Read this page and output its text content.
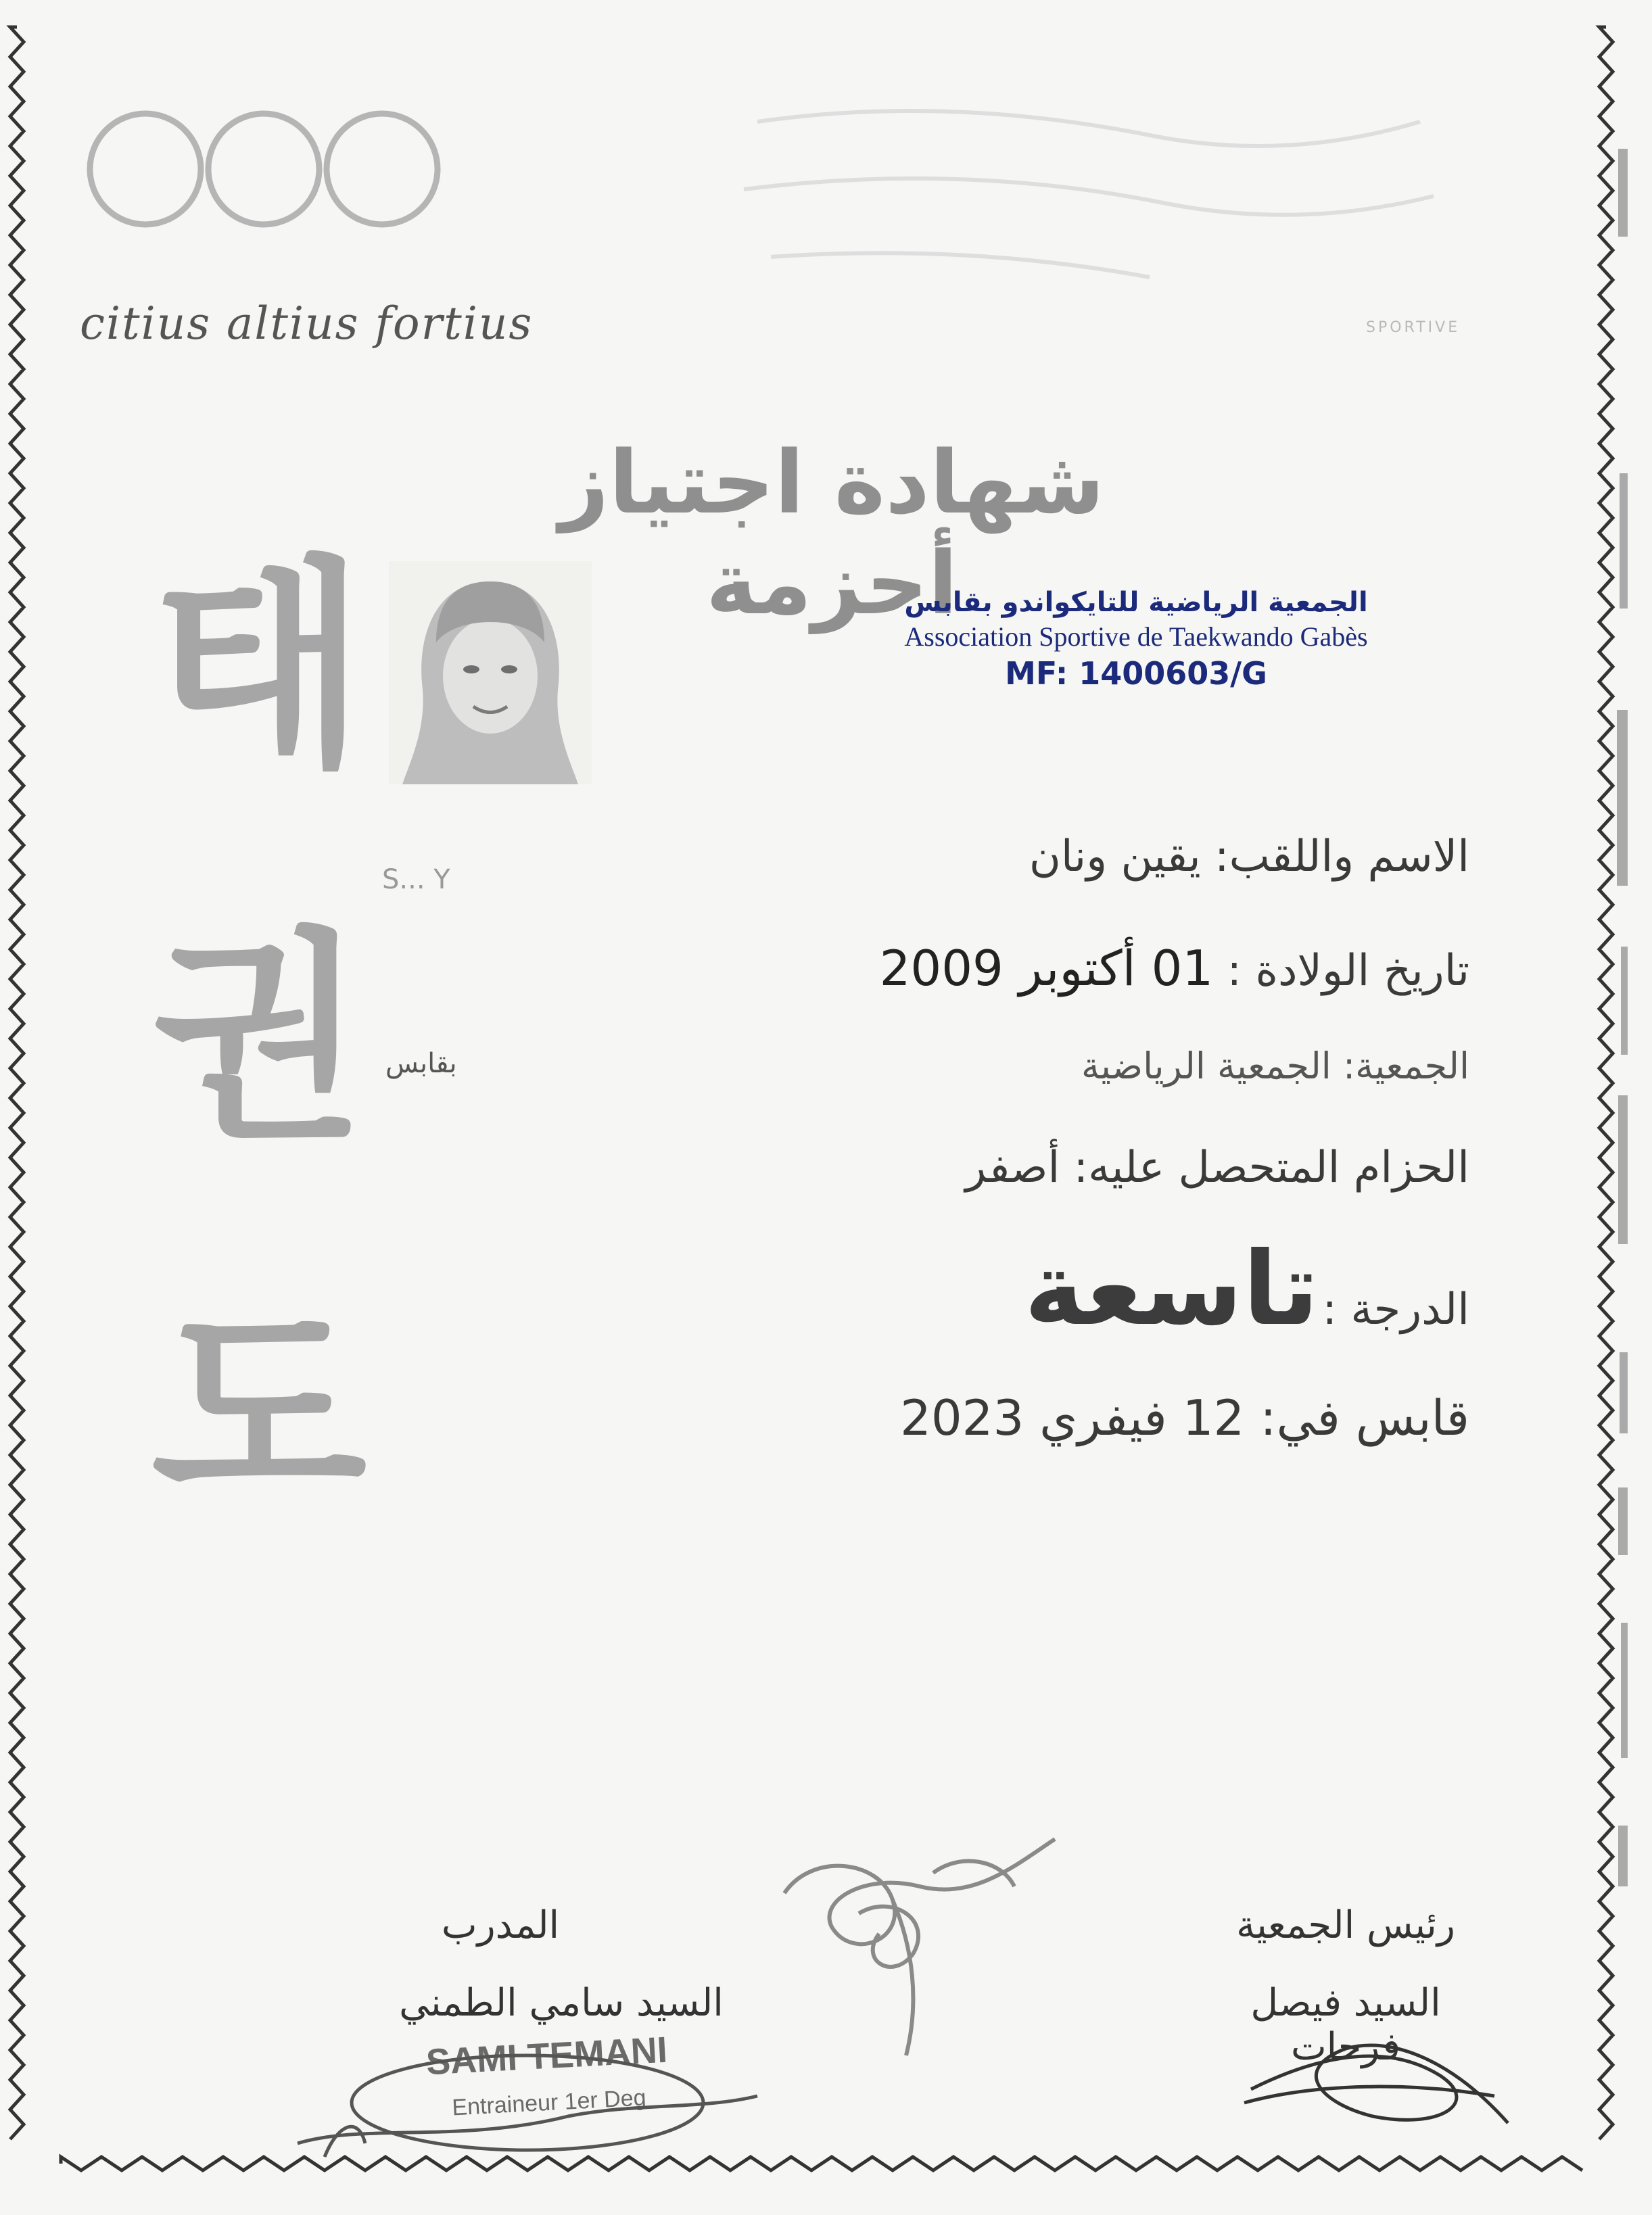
citius altius fortius	SPORTIVE
شهادة اجتياز أحزمة
태권도	الجمعية الرياضية للتايكواندو بقابس
Association Sportive de Taekwando Gabès
MF: 1400603/G
الاسم واللقب: يقين ونان
S... Y
تاريخ الولادة : 01 أكتوبر 2009
الجمعية: الجمعية الرياضية
بقابس
الحزام المتحصل عليه: أصفر
الدرجة : تاسعة
قابس في: 12 فيفري 2023
المدرب
السيد سامي الطمني
رئيس الجمعية
السيد فيصل فرحات
SAMI TEMANI
Entraineur 1er Deg
